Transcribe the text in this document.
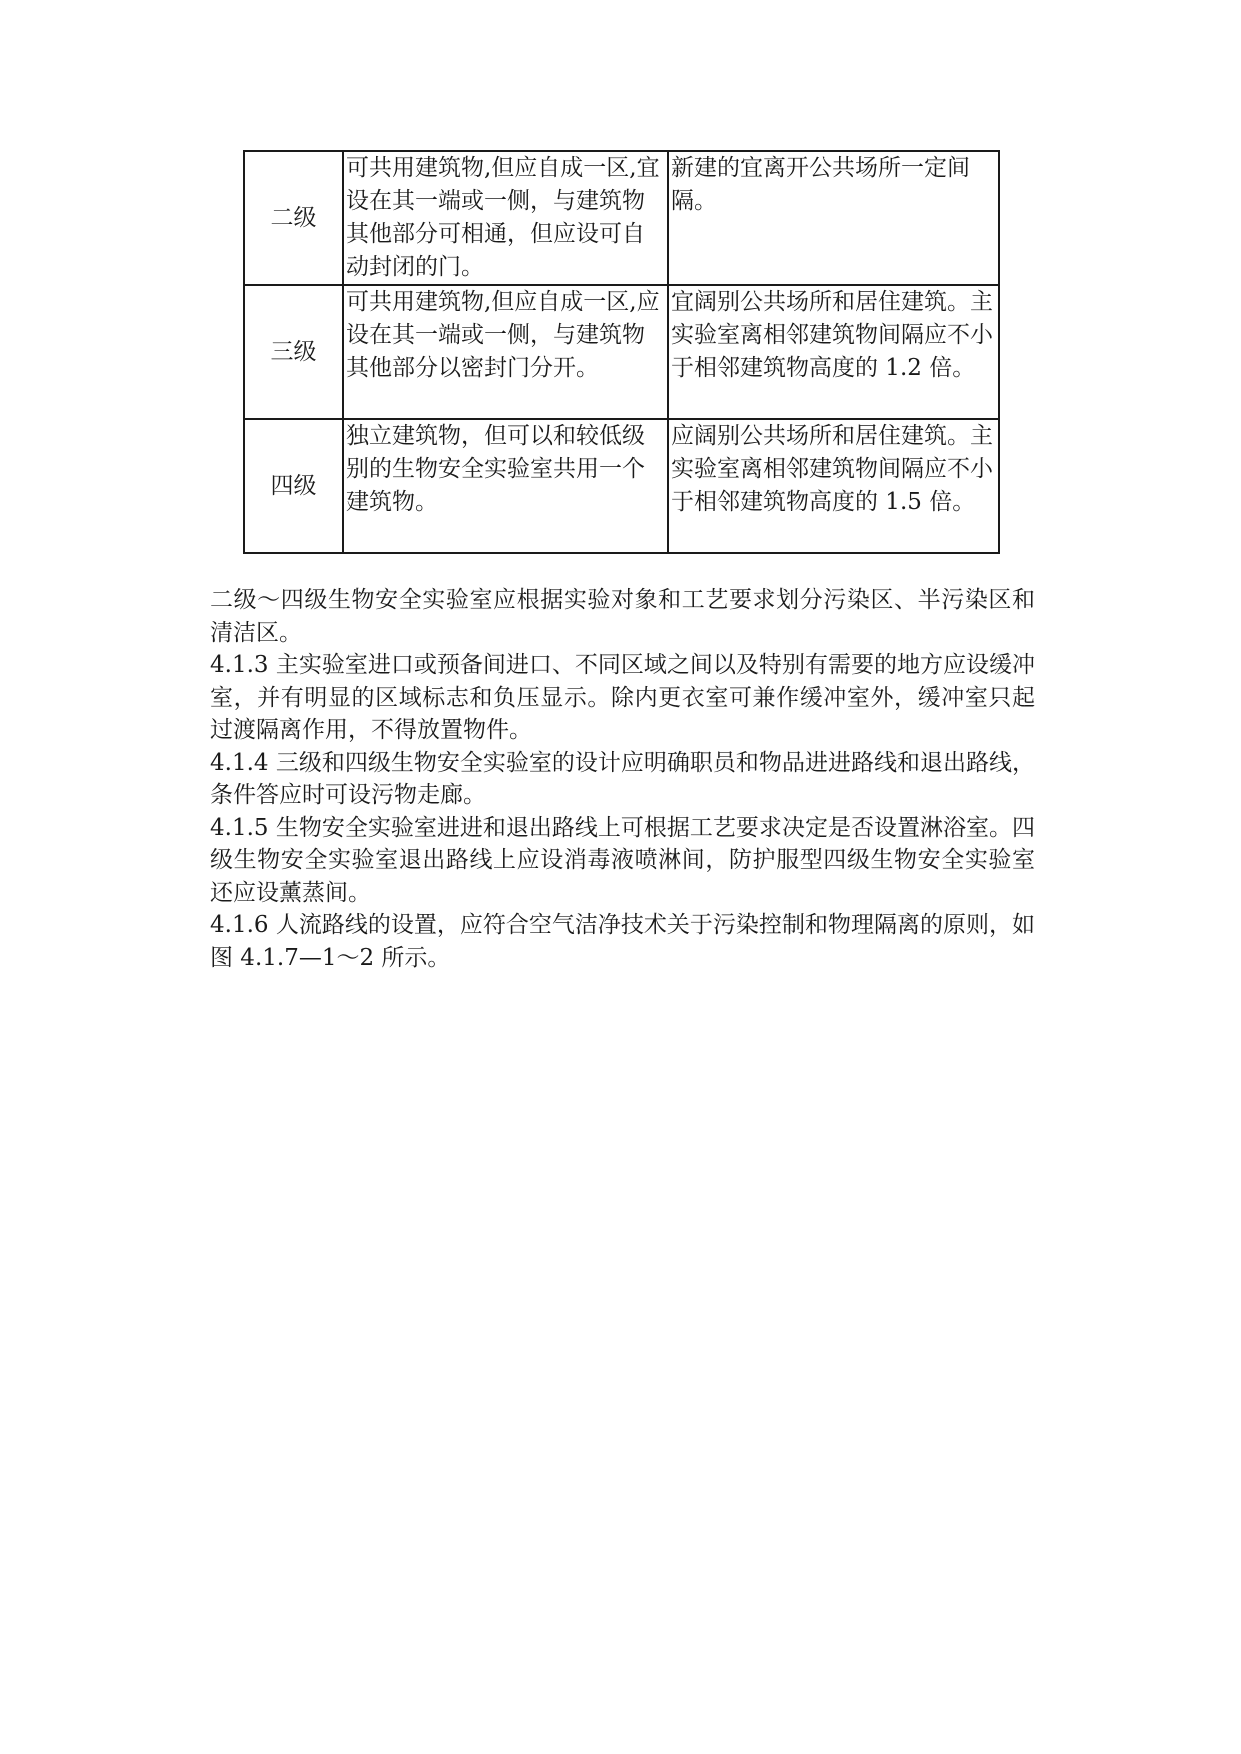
二级	可共用建筑物,但应自成一区,宜设在其一端或一侧，与建筑物其他部分可相通，但应设可自动封闭的门。	新建的宜离开公共场所一定间隔。
三级	可共用建筑物,但应自成一区,应设在其一端或一侧，与建筑物其他部分以密封门分开。	宜阔别公共场所和居住建筑。主实验室离相邻建筑物间隔应不小于相邻建筑物高度的 1.2 倍。
四级	独立建筑物，但可以和较低级别的生物安全实验室共用一个建筑物。	应阔别公共场所和居住建筑。主实验室离相邻建筑物间隔应不小于相邻建筑物高度的 1.5 倍。

二级～四级生物安全实验室应根据实验对象和工艺要求划分污染区、半污染区和清洁区。

4.1.3 主实验室进口或预备间进口、不同区域之间以及特别有需要的地方应设缓冲室，并有明显的区域标志和负压显示。除内更衣室可兼作缓冲室外，缓冲室只起过渡隔离作用，不得放置物件。

4.1.4 三级和四级生物安全实验室的设计应明确职员和物品进进路线和退出路线，条件答应时可设污物走廊。

4.1.5 生物安全实验室进进和退出路线上可根据工艺要求决定是否设置淋浴室。四级生物安全实验室退出路线上应设消毒液喷淋间，防护服型四级生物安全实验室还应设薰蒸间。

4.1.6 人流路线的设置，应符合空气洁净技术关于污染控制和物理隔离的原则，如图 4.1.7—1～2 所示。
